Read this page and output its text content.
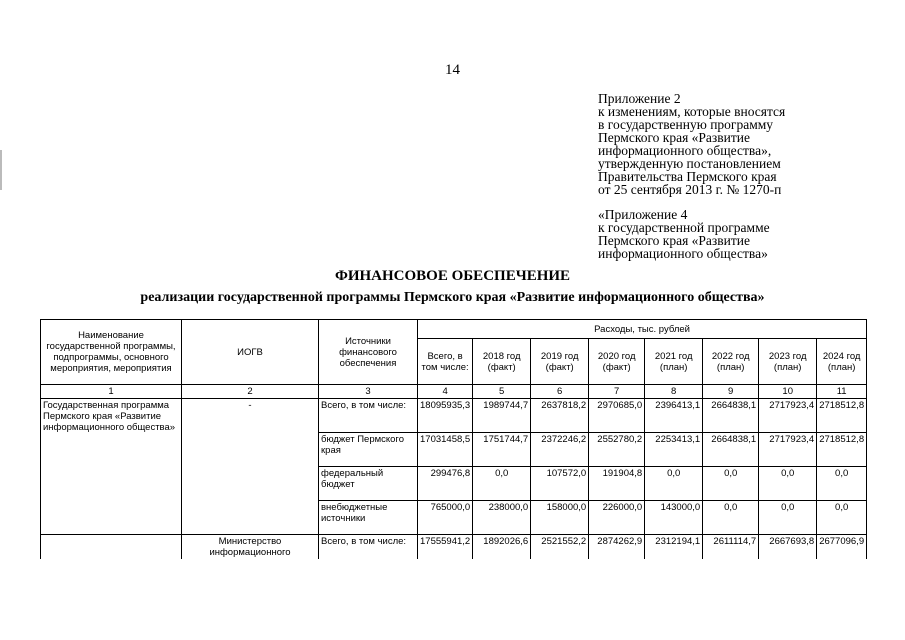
14
Приложение 2
к изменениям, которые вносятся
в государственную программу
Пермского края «Развитие
информационного общества»,
утвержденную постановлением
Правительства Пермского края
от 25 сентября 2013 г. № 1270-п
«Приложение 4
к государственной программе
Пермского края «Развитие
информационного общества»
ФИНАНСОВОЕ ОБЕСПЕЧЕНИЕ
реализации государственной программы Пермского края «Развитие информационного общества»
Наименование государственной программы, подпрограммы, основного мероприятия, мероприятия	ИОГВ	Источники финансового обеспечения	Расходы, тыс. рублей							
			Всего, в том числе:	2018 год (факт)	2019 год (факт)	2020 год (факт)	2021 год (план)	2022 год (план)	2023 год (план)	2024 год (план)
1	2	3	4	5	6	7	8	9	10	11
Государственная программа Пермского края «Развитие информационного общества»	-	Всего, в том числе:	18095935,3	1989744,7	2637818,2	2970685,0	2396413,1	2664838,1	2717923,4	2718512,8
		бюджет Пермского края	17031458,5	1751744,7	2372246,2	2552780,2	2253413,1	2664838,1	2717923,4	2718512,8
		федеральный бюджет	299476,8	0,0	107572,0	191904,8	0,0	0,0	0,0	0,0
		внебюджетные источники	765000,0	238000,0	158000,0	226000,0	143000,0	0,0	0,0	0,0
	Министерство информационного	Всего, в том числе:	17555941,2	1892026,6	2521552,2	2874262,9	2312194,1	2611114,7	2667693,8	2677096,9
